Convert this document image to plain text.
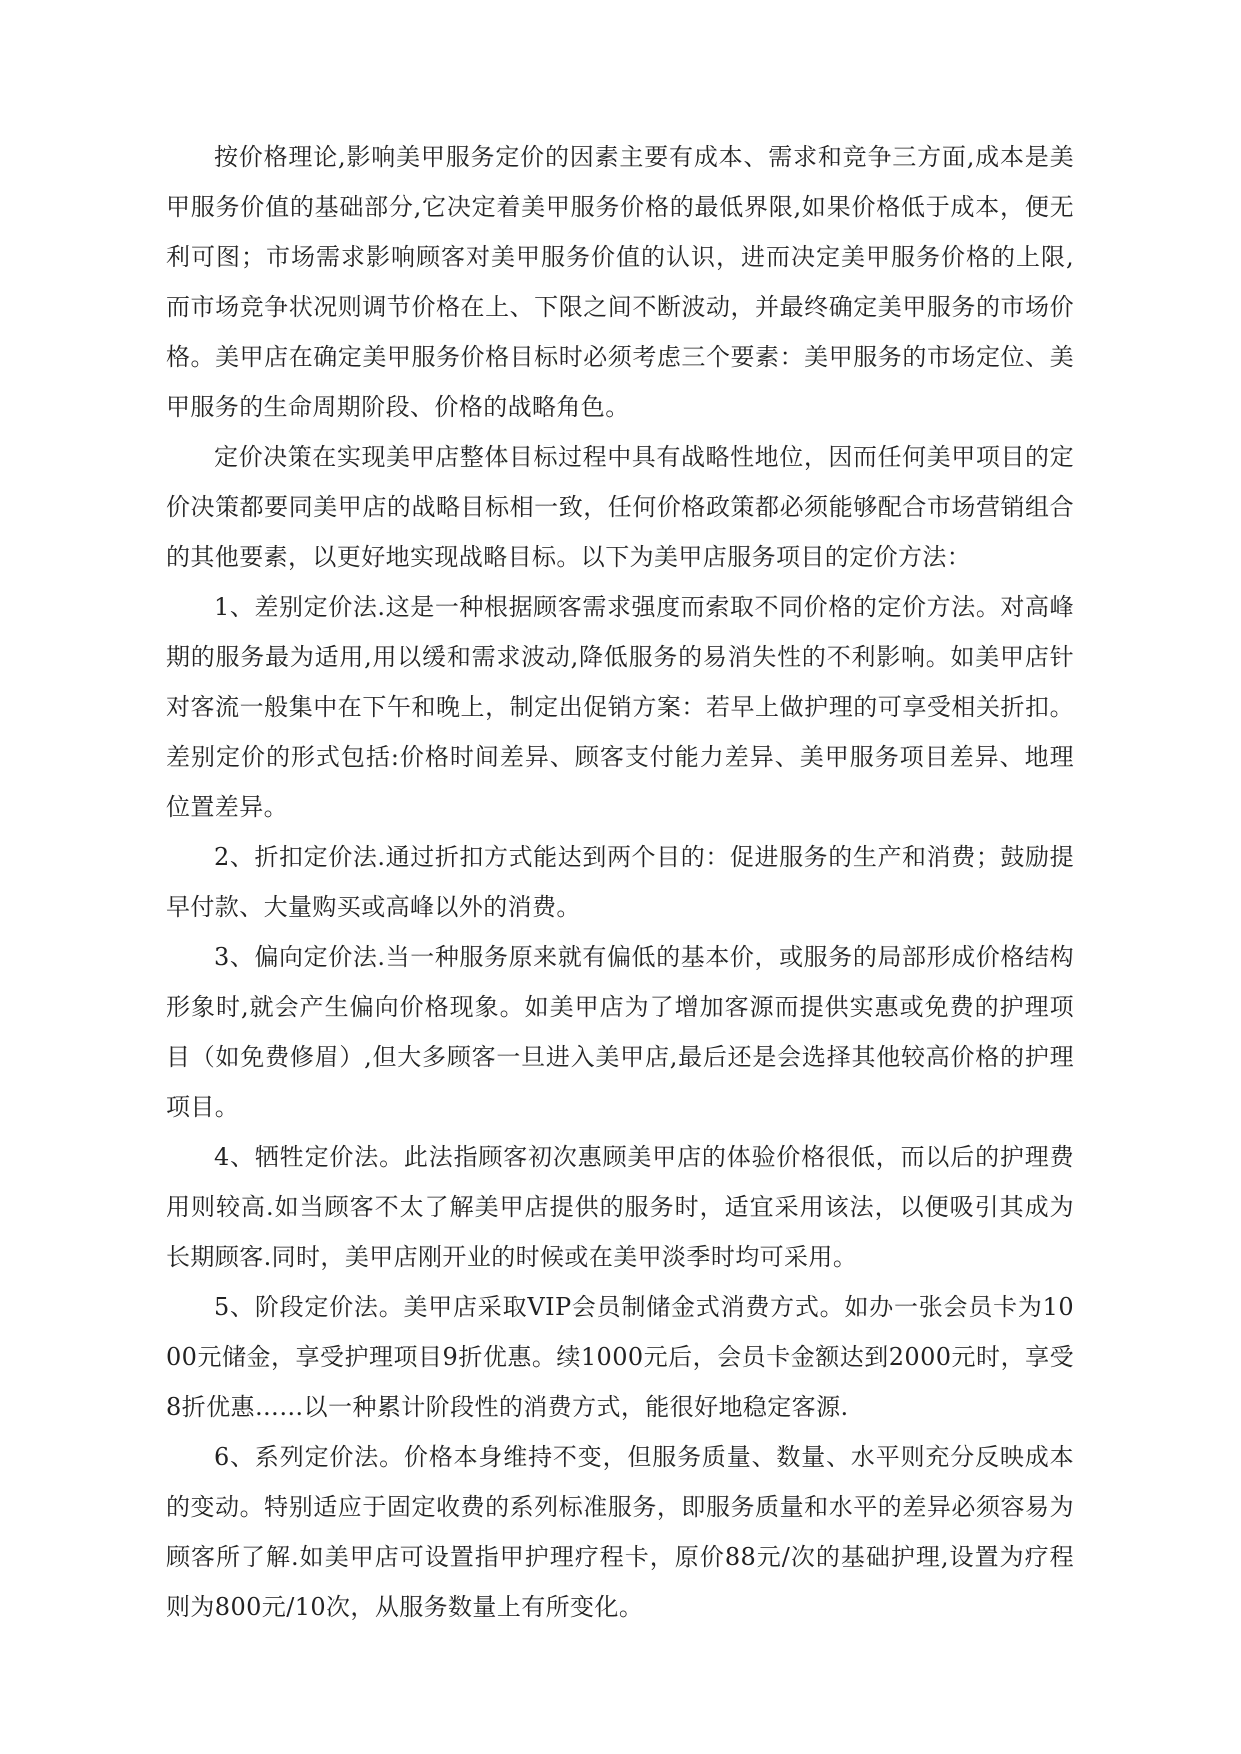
按价格理论,影响美甲服务定价的因素主要有成本、需求和竞争三方面,成本是美甲服务价值的基础部分,它决定着美甲服务价格的最低界限,如果价格低于成本，便无利可图；市场需求影响顾客对美甲服务价值的认识，进而决定美甲服务价格的上限,而市场竞争状况则调节价格在上、下限之间不断波动，并最终确定美甲服务的市场价格。美甲店在确定美甲服务价格目标时必须考虑三个要素：美甲服务的市场定位、美甲服务的生命周期阶段、价格的战略角色。

定价决策在实现美甲店整体目标过程中具有战略性地位，因而任何美甲项目的定价决策都要同美甲店的战略目标相一致，任何价格政策都必须能够配合市场营销组合的其他要素，以更好地实现战略目标。以下为美甲店服务项目的定价方法：

1、差别定价法.这是一种根据顾客需求强度而索取不同价格的定价方法。对高峰期的服务最为适用,用以缓和需求波动,降低服务的易消失性的不利影响。如美甲店针对客流一般集中在下午和晚上，制定出促销方案：若早上做护理的可享受相关折扣。差别定价的形式包括:价格时间差异、顾客支付能力差异、美甲服务项目差异、地理位置差异。

2、折扣定价法.通过折扣方式能达到两个目的：促进服务的生产和消费；鼓励提早付款、大量购买或高峰以外的消费。

3、偏向定价法.当一种服务原来就有偏低的基本价，或服务的局部形成价格结构形象时,就会产生偏向价格现象。如美甲店为了增加客源而提供实惠或免费的护理项目（如免费修眉）,但大多顾客一旦进入美甲店,最后还是会选择其他较高价格的护理项目。

4、牺牲定价法。此法指顾客初次惠顾美甲店的体验价格很低，而以后的护理费用则较高.如当顾客不太了解美甲店提供的服务时，适宜采用该法，以便吸引其成为长期顾客.同时，美甲店刚开业的时候或在美甲淡季时均可采用。

5、阶段定价法。美甲店采取VIP会员制储金式消费方式。如办一张会员卡为1000元储金，享受护理项目9折优惠。续1000元后，会员卡金额达到2000元时，享受8折优惠……以一种累计阶段性的消费方式，能很好地稳定客源.

6、系列定价法。价格本身维持不变，但服务质量、数量、水平则充分反映成本的变动。特别适应于固定收费的系列标准服务，即服务质量和水平的差异必须容易为顾客所了解.如美甲店可设置指甲护理疗程卡，原价88元/次的基础护理,设置为疗程则为800元/10次，从服务数量上有所变化。
